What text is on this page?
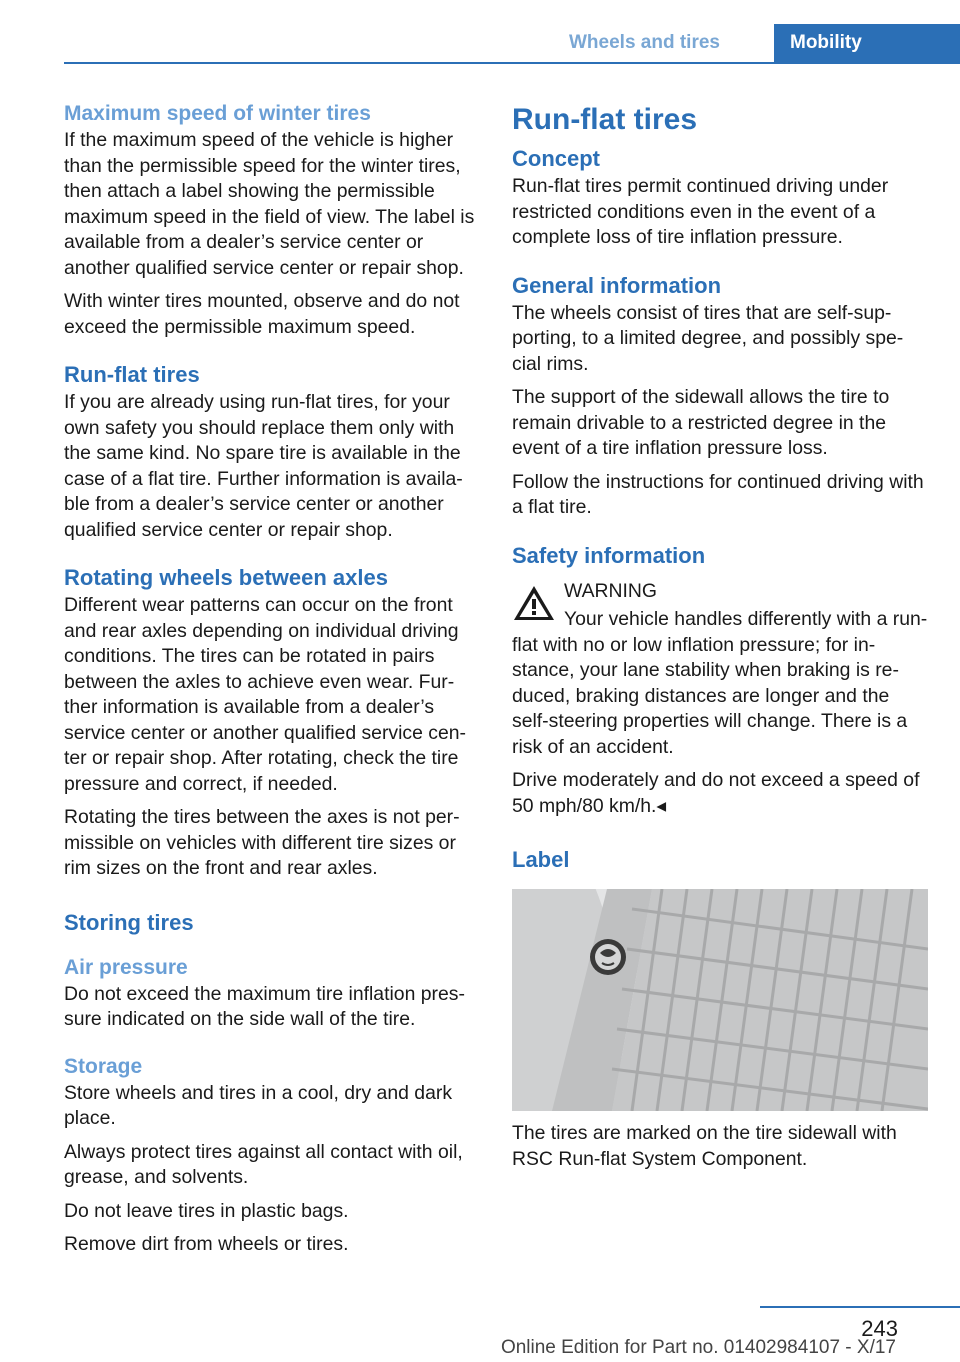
Wheels and tires	Mobility
Maximum speed of winter tires

If the maximum speed of the vehicle is higher than the permissible speed for the winter tires, then attach a label showing the permissible maximum speed in the field of view. The label is available from a dealer’s service center or another qualified service center or repair shop.

With winter tires mounted, observe and do not exceed the permissible maximum speed.

Run-flat tires

If you are already using run-flat tires, for your own safety you should replace them only with the same kind. No spare tire is available in the case of a flat tire. Further information is availa-ble from a dealer’s service center or another qualified service center or repair shop.

Rotating wheels between axles

Different wear patterns can occur on the front and rear axles depending on individual driving conditions. The tires can be rotated in pairs between the axles to achieve even wear. Fur-ther information is available from a dealer’s service center or another qualified service cen-ter or repair shop. After rotating, check the tire pressure and correct, if needed.

Rotating the tires between the axes is not per-missible on vehicles with different tire sizes or rim sizes on the front and rear axles.

Storing tires
Air pressure

Do not exceed the maximum tire inflation pres-sure indicated on the side wall of the tire.

Storage

Store wheels and tires in a cool, dry and dark place.

Always protect tires against all contact with oil, grease, and solvents.

Do not leave tires in plastic bags.

Remove dirt from wheels or tires.

Run-flat tires
Concept

Run-flat tires permit continued driving under restricted conditions even in the event of a complete loss of tire inflation pressure.

General information

The wheels consist of tires that are self-sup-porting, to a limited degree, and possibly spe-cial rims.

The support of the sidewall allows the tire to remain drivable to a restricted degree in the event of a tire inflation pressure loss.

Follow the instructions for continued driving with a flat tire.

Safety information
WARNING

Your vehicle handles differently with a run-flat with no or low inflation pressure; for in-stance, your lane stability when braking is re-duced, braking distances are longer and the self-steering properties will change. There is a risk of an accident.

Drive moderately and do not exceed a speed of 50 mph/80 km/h.◂

Label

The tires are marked on the tire sidewall with RSC Run-flat System Component.

243
Online Edition for Part no. 01402984107 - X/17
